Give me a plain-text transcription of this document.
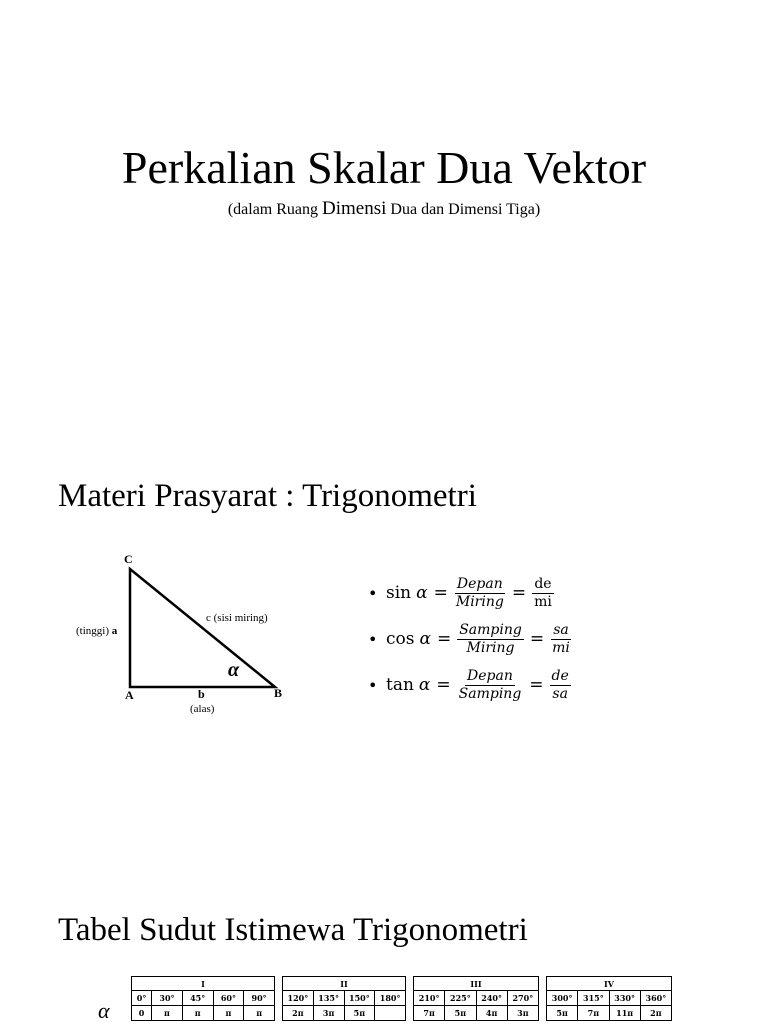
Perkalian Skalar Dua Vektor
(dalam Ruang Dimensi Dua dan Dimensi Tiga)
Materi Prasyarat : Trigonometri
C
A	B
c (sisi miring)
(tinggi) a
b
(alas)
α
• $\sin \alpha = \frac{\text{Depan}}{\text{Miring}} = \frac{de}{mi}$
• $\cos \alpha = \frac{\text{Samping}}{\text{Miring}} = \frac{sa}{mi}$
• $\tan \alpha = \frac{\text{Depan}}{\text{Samping}} = \frac{de}{sa}$
Tabel Sudut Istimewa Trigonometri
α
I				
0°	30°	45°	60°	90°
0	π	π	π	π
II			
120°	135°	150°	180°
2π	3π	5π	
III			
210°	225°	240°	270°
7π	5π	4π	3π
IV			
300°	315°	330°	360°
5π	7π	11π	2π
